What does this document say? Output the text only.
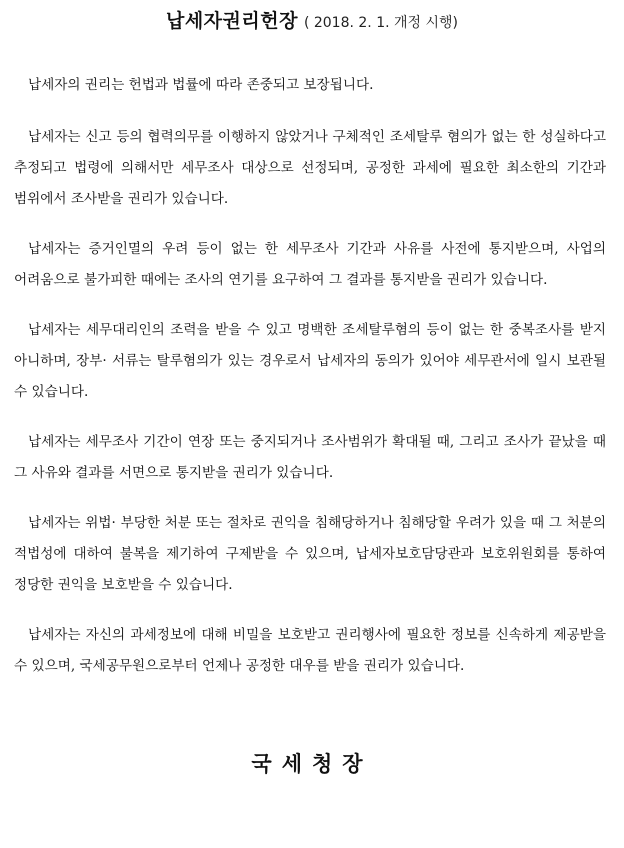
납세자권리헌장 ( 2018. 2. 1. 개정 시행)

납세자의 권리는 헌법과 법률에 따라 존중되고 보장됩니다.

납세자는 신고 등의 협력의무를 이행하지 않았거나 구체적인 조세탈루 혐의가 없는 한 성실하다고 추정되고 법령에 의해서만 세무조사 대상으로 선정되며, 공정한 과세에 필요한 최소한의 기간과 범위에서 조사받을 권리가 있습니다.

납세자는 증거인멸의 우려 등이 없는 한 세무조사 기간과 사유를 사전에 통지받으며, 사업의 어려움으로 불가피한 때에는 조사의 연기를 요구하여 그 결과를 통지받을 권리가 있습니다.

납세자는 세무대리인의 조력을 받을 수 있고 명백한 조세탈루혐의 등이 없는 한 중복조사를 받지 아니하며, 장부· 서류는 탈루혐의가 있는 경우로서 납세자의 동의가 있어야 세무관서에 일시 보관될 수 있습니다.

납세자는 세무조사 기간이 연장 또는 중지되거나 조사범위가 확대될 때, 그리고 조사가 끝났을 때 그 사유와 결과를 서면으로 통지받을 권리가 있습니다.

납세자는 위법· 부당한 처분 또는 절차로 권익을 침해당하거나 침해당할 우려가 있을 때 그 처분의 적법성에 대하여 불복을 제기하여 구제받을 수 있으며, 납세자보호담당관과 보호위원회를 통하여 정당한 권익을 보호받을 수 있습니다.

납세자는 자신의 과세정보에 대해 비밀을 보호받고 권리행사에 필요한 정보를 신속하게 제공받을 수 있으며, 국세공무원으로부터 언제나 공정한 대우를 받을 권리가 있습니다.

국세청장
